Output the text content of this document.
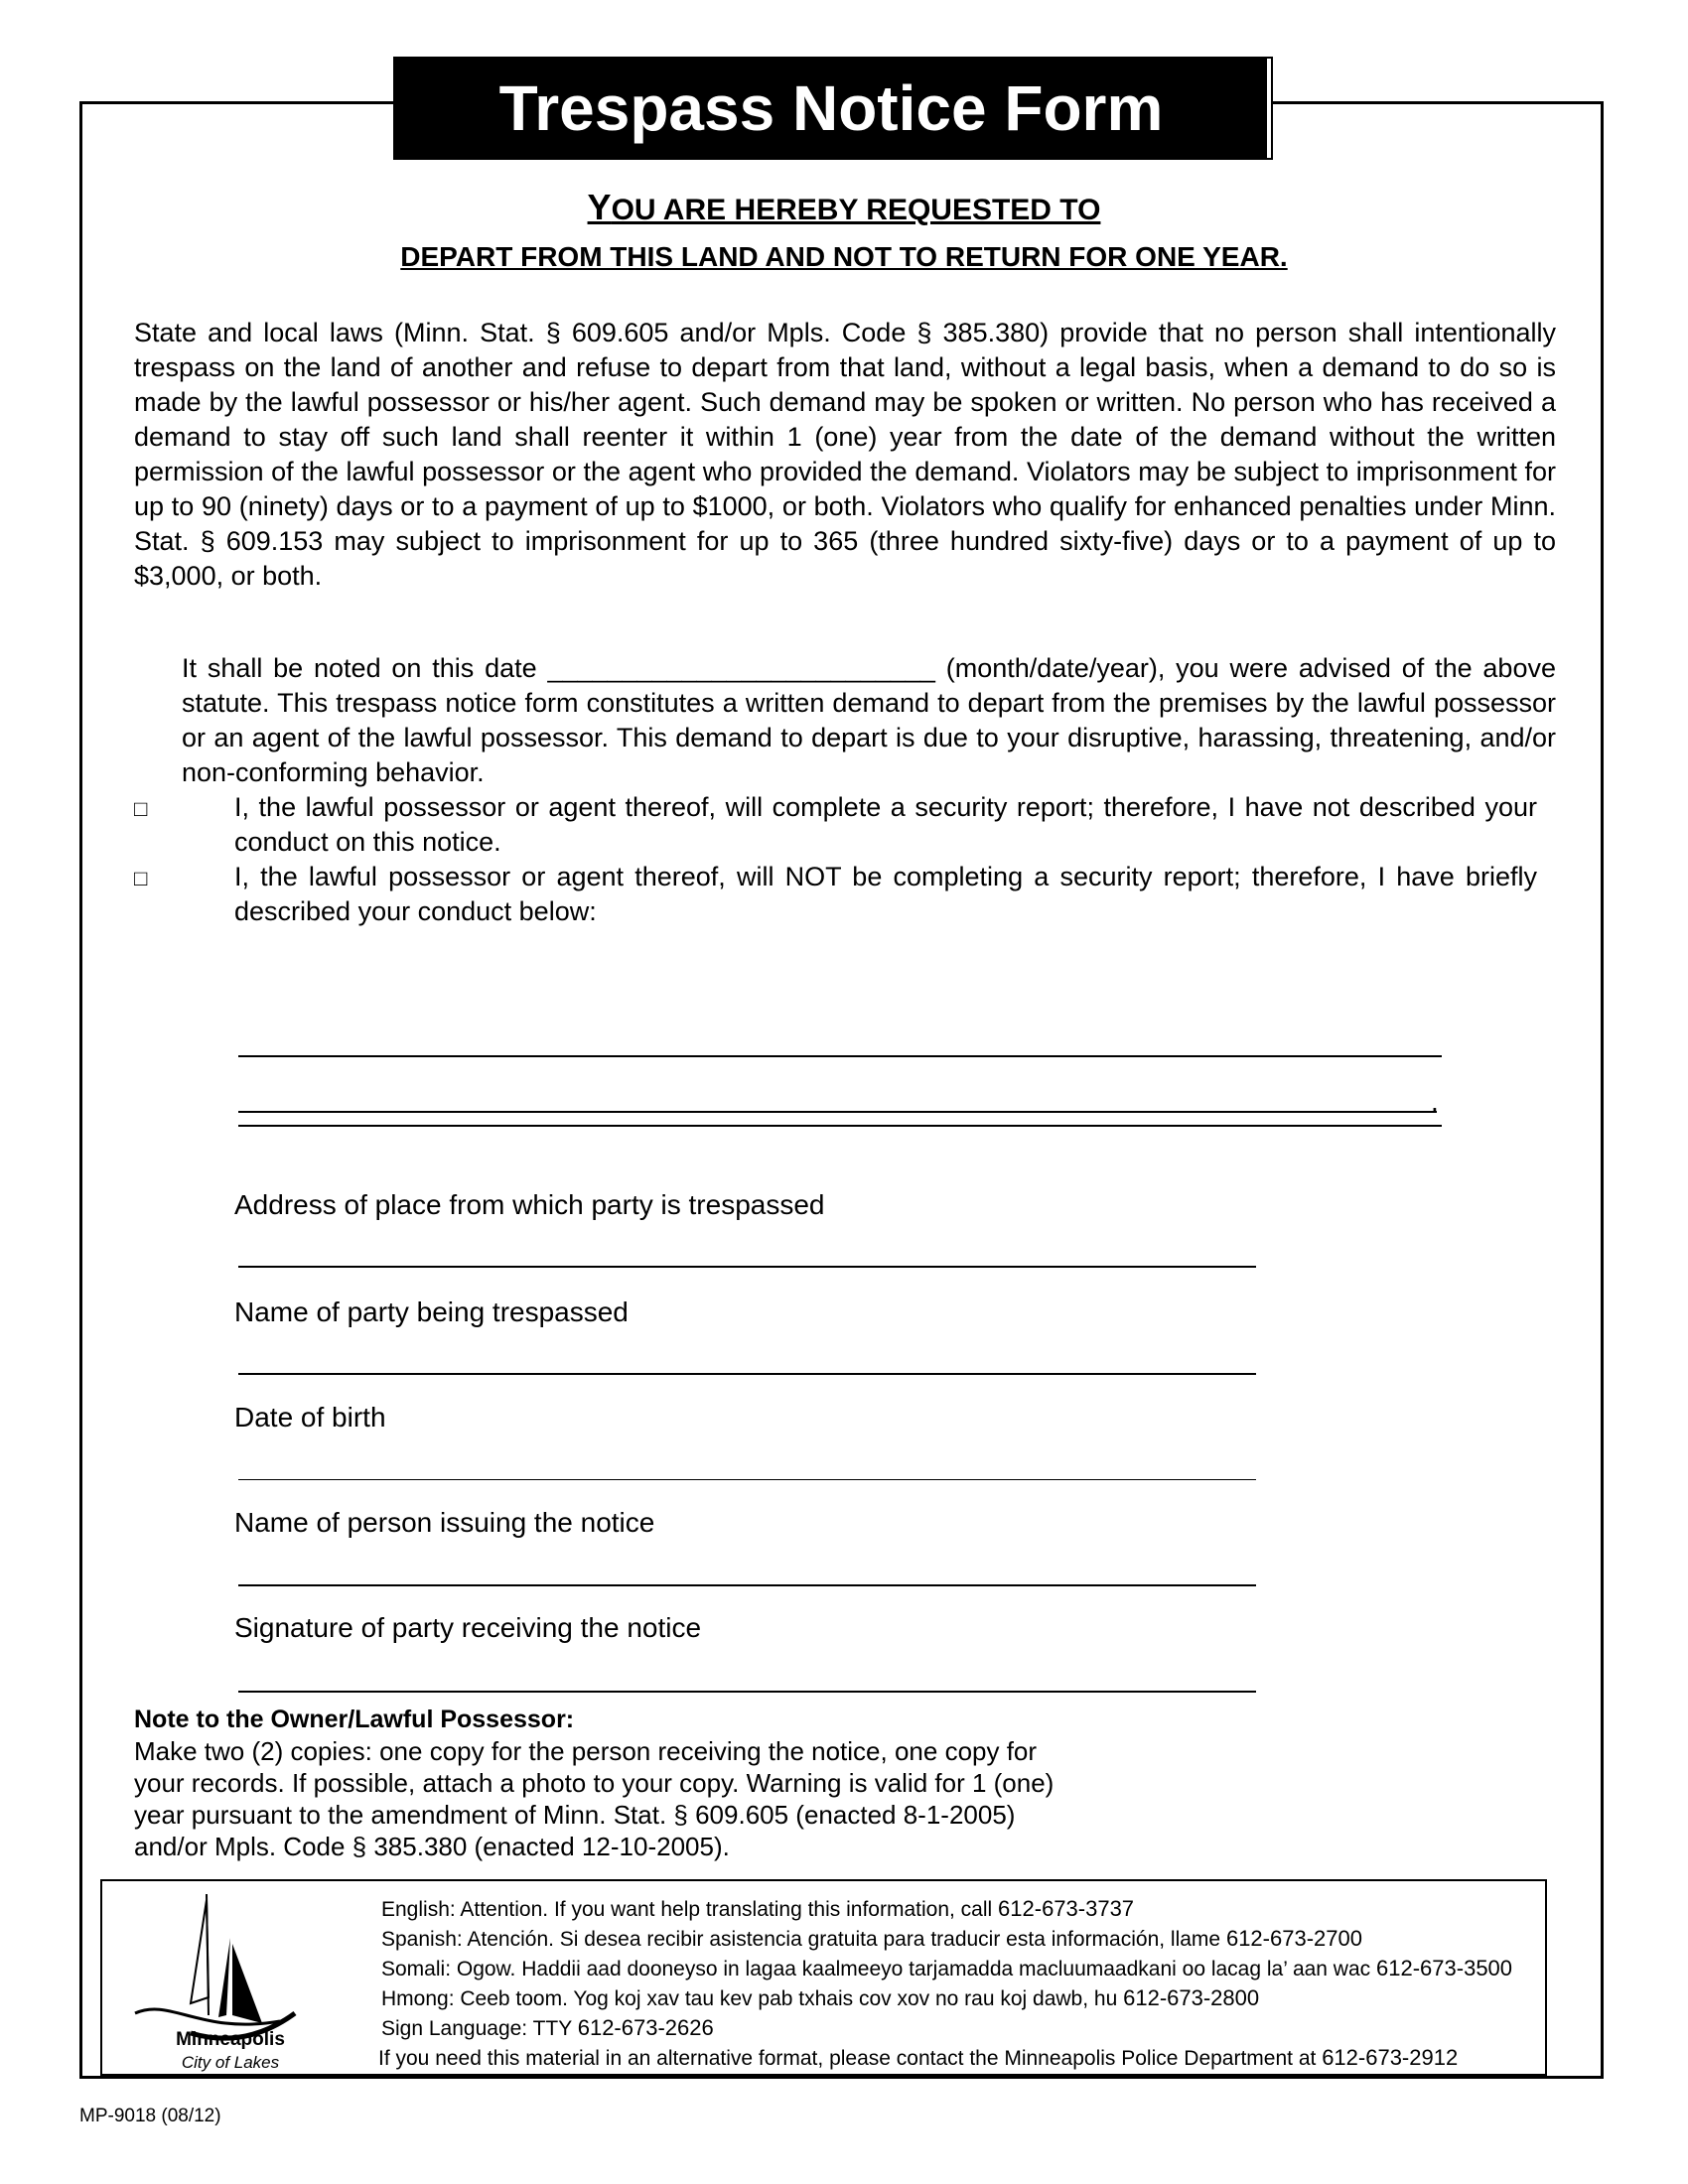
Trespass Notice Form
YOU ARE HEREBY REQUESTED TO
DEPART FROM THIS LAND AND NOT TO RETURN FOR ONE YEAR.
State and local laws (Minn. Stat. § 609.605 and/or Mpls. Code § 385.380) provide that no person shall intentionally trespass on the land of another and refuse to depart from that land, without a legal basis, when a demand to do so is made by the lawful possessor or his/her agent. Such demand may be spoken or written. No person who has received a demand to stay off such land shall reenter it within 1 (one) year from the date of the demand without the written permission of the lawful possessor or the agent who provided the demand. Violators may be subject to imprisonment for up to 90 (ninety) days or to a payment of up to $1000, or both. Violators who qualify for enhanced penalties under Minn. Stat. § 609.153 may subject to imprisonment for up to 365 (three hundred sixty-five) days or to a payment of up to $3,000, or both.
It shall be noted on this date __________________________ (month/date/year), you were advised of the above statute. This trespass notice form constitutes a written demand to depart from the premises by the lawful possessor or an agent of the lawful possessor. This demand to depart is due to your disruptive, harassing, threatening, and/or non-conforming behavior.
□	I, the lawful possessor or agent thereof, will complete a security report; therefore, I have not described your conduct on this notice.
□	I, the lawful possessor or agent thereof, will NOT be completing a security report; therefore, I have briefly described your conduct below:
.
Address of place from which party is trespassed
Name of party being trespassed
Date of birth
Name of person issuing the notice
Signature of party receiving the notice
Note to the Owner/Lawful Possessor:
Make two (2) copies: one copy for the person receiving the notice, one copy for your records. If possible, attach a photo to your copy. Warning is valid for 1 (one) year pursuant to the amendment of Minn. Stat. § 609.605 (enacted 8-1-2005) and/or Mpls. Code § 385.380 (enacted 12-10-2005).
Minneapolis
City of Lakes
English: Attention. If you want help translating this information, call 612-673-3737
Spanish: Atención. Si desea recibir asistencia gratuita para traducir esta información, llame 612-673-2700
Somali: Ogow. Haddii aad dooneyso in lagaa kaalmeeyo tarjamadda macluumaadkani oo lacag la’ aan wac 612-673-3500
Hmong: Ceeb toom. Yog koj xav tau kev pab txhais cov xov no rau koj dawb, hu 612-673-2800
Sign Language: TTY 612-673-2626
If you need this material in an alternative format, please contact the Minneapolis Police Department at 612-673-2912
MP-9018 (08/12)
